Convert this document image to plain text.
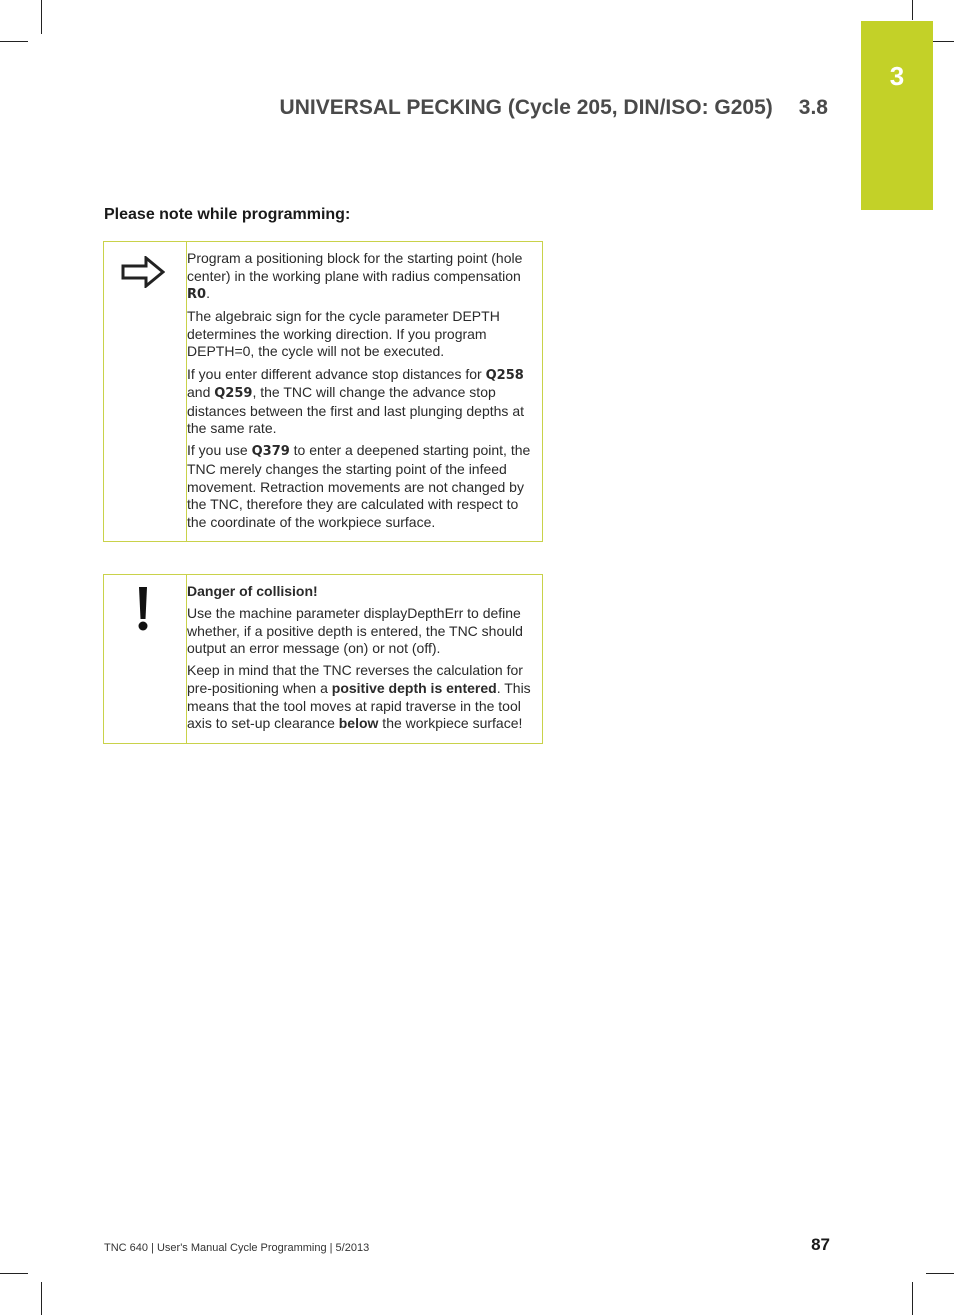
3
UNIVERSAL PECKING (Cycle 205, DIN/ISO: G205) 3.8
Please note while programming:

Program a positioning block for the starting point (hole center) in the working plane with radius compensation R0.

The algebraic sign for the cycle parameter DEPTH determines the working direction. If you program DEPTH=0, the cycle will not be executed.

If you enter different advance stop distances for Q258 and Q259, the TNC will change the advance stop distances between the first and last plunging depths at the same rate.

If you use Q379 to enter a deepened starting point, the TNC merely changes the starting point of the infeed movement. Retraction movements are not changed by the TNC, therefore they are calculated with respect to the coordinate of the workpiece surface.

Danger of collision!

Use the machine parameter displayDepthErr to define whether, if a positive depth is entered, the TNC should output an error message (on) or not (off).

Keep in mind that the TNC reverses the calculation for pre-positioning when a positive depth is entered. This means that the tool moves at rapid traverse in the tool axis to set-up clearance below the workpiece surface!

TNC 640 | User's Manual Cycle Programming | 5/2013	87
